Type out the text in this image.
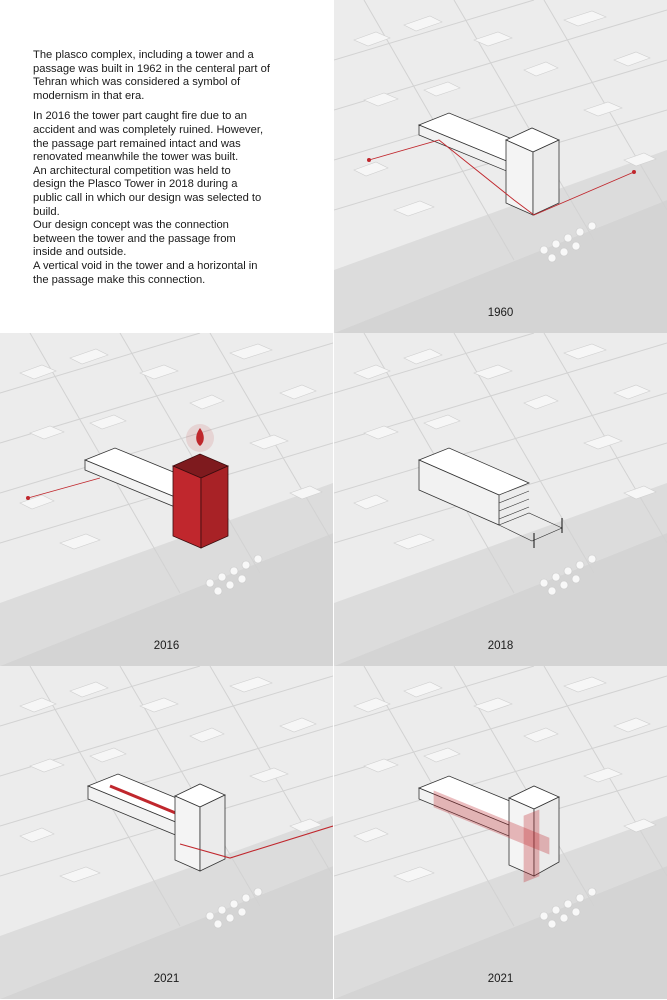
The plasco complex, including a tower and a
passage was built in 1962 in the centeral part of
Tehran which was considered a symbol of
modernism in that era.

In 2016 the tower part caught fire due to an
accident and was completely ruined. However,
the passage part remained intact and was
renovated meanwhile the tower was built.
An architectural competition was held to
design the Plasco Tower in 2018 during a
public call in which our design was selected to
build.
Our design concept was the connection
between the tower and the passage from
inside and outside.
A vertical void in the tower and a horizontal in
the passage make this connection.

1960
2016	2018
2021	2021
